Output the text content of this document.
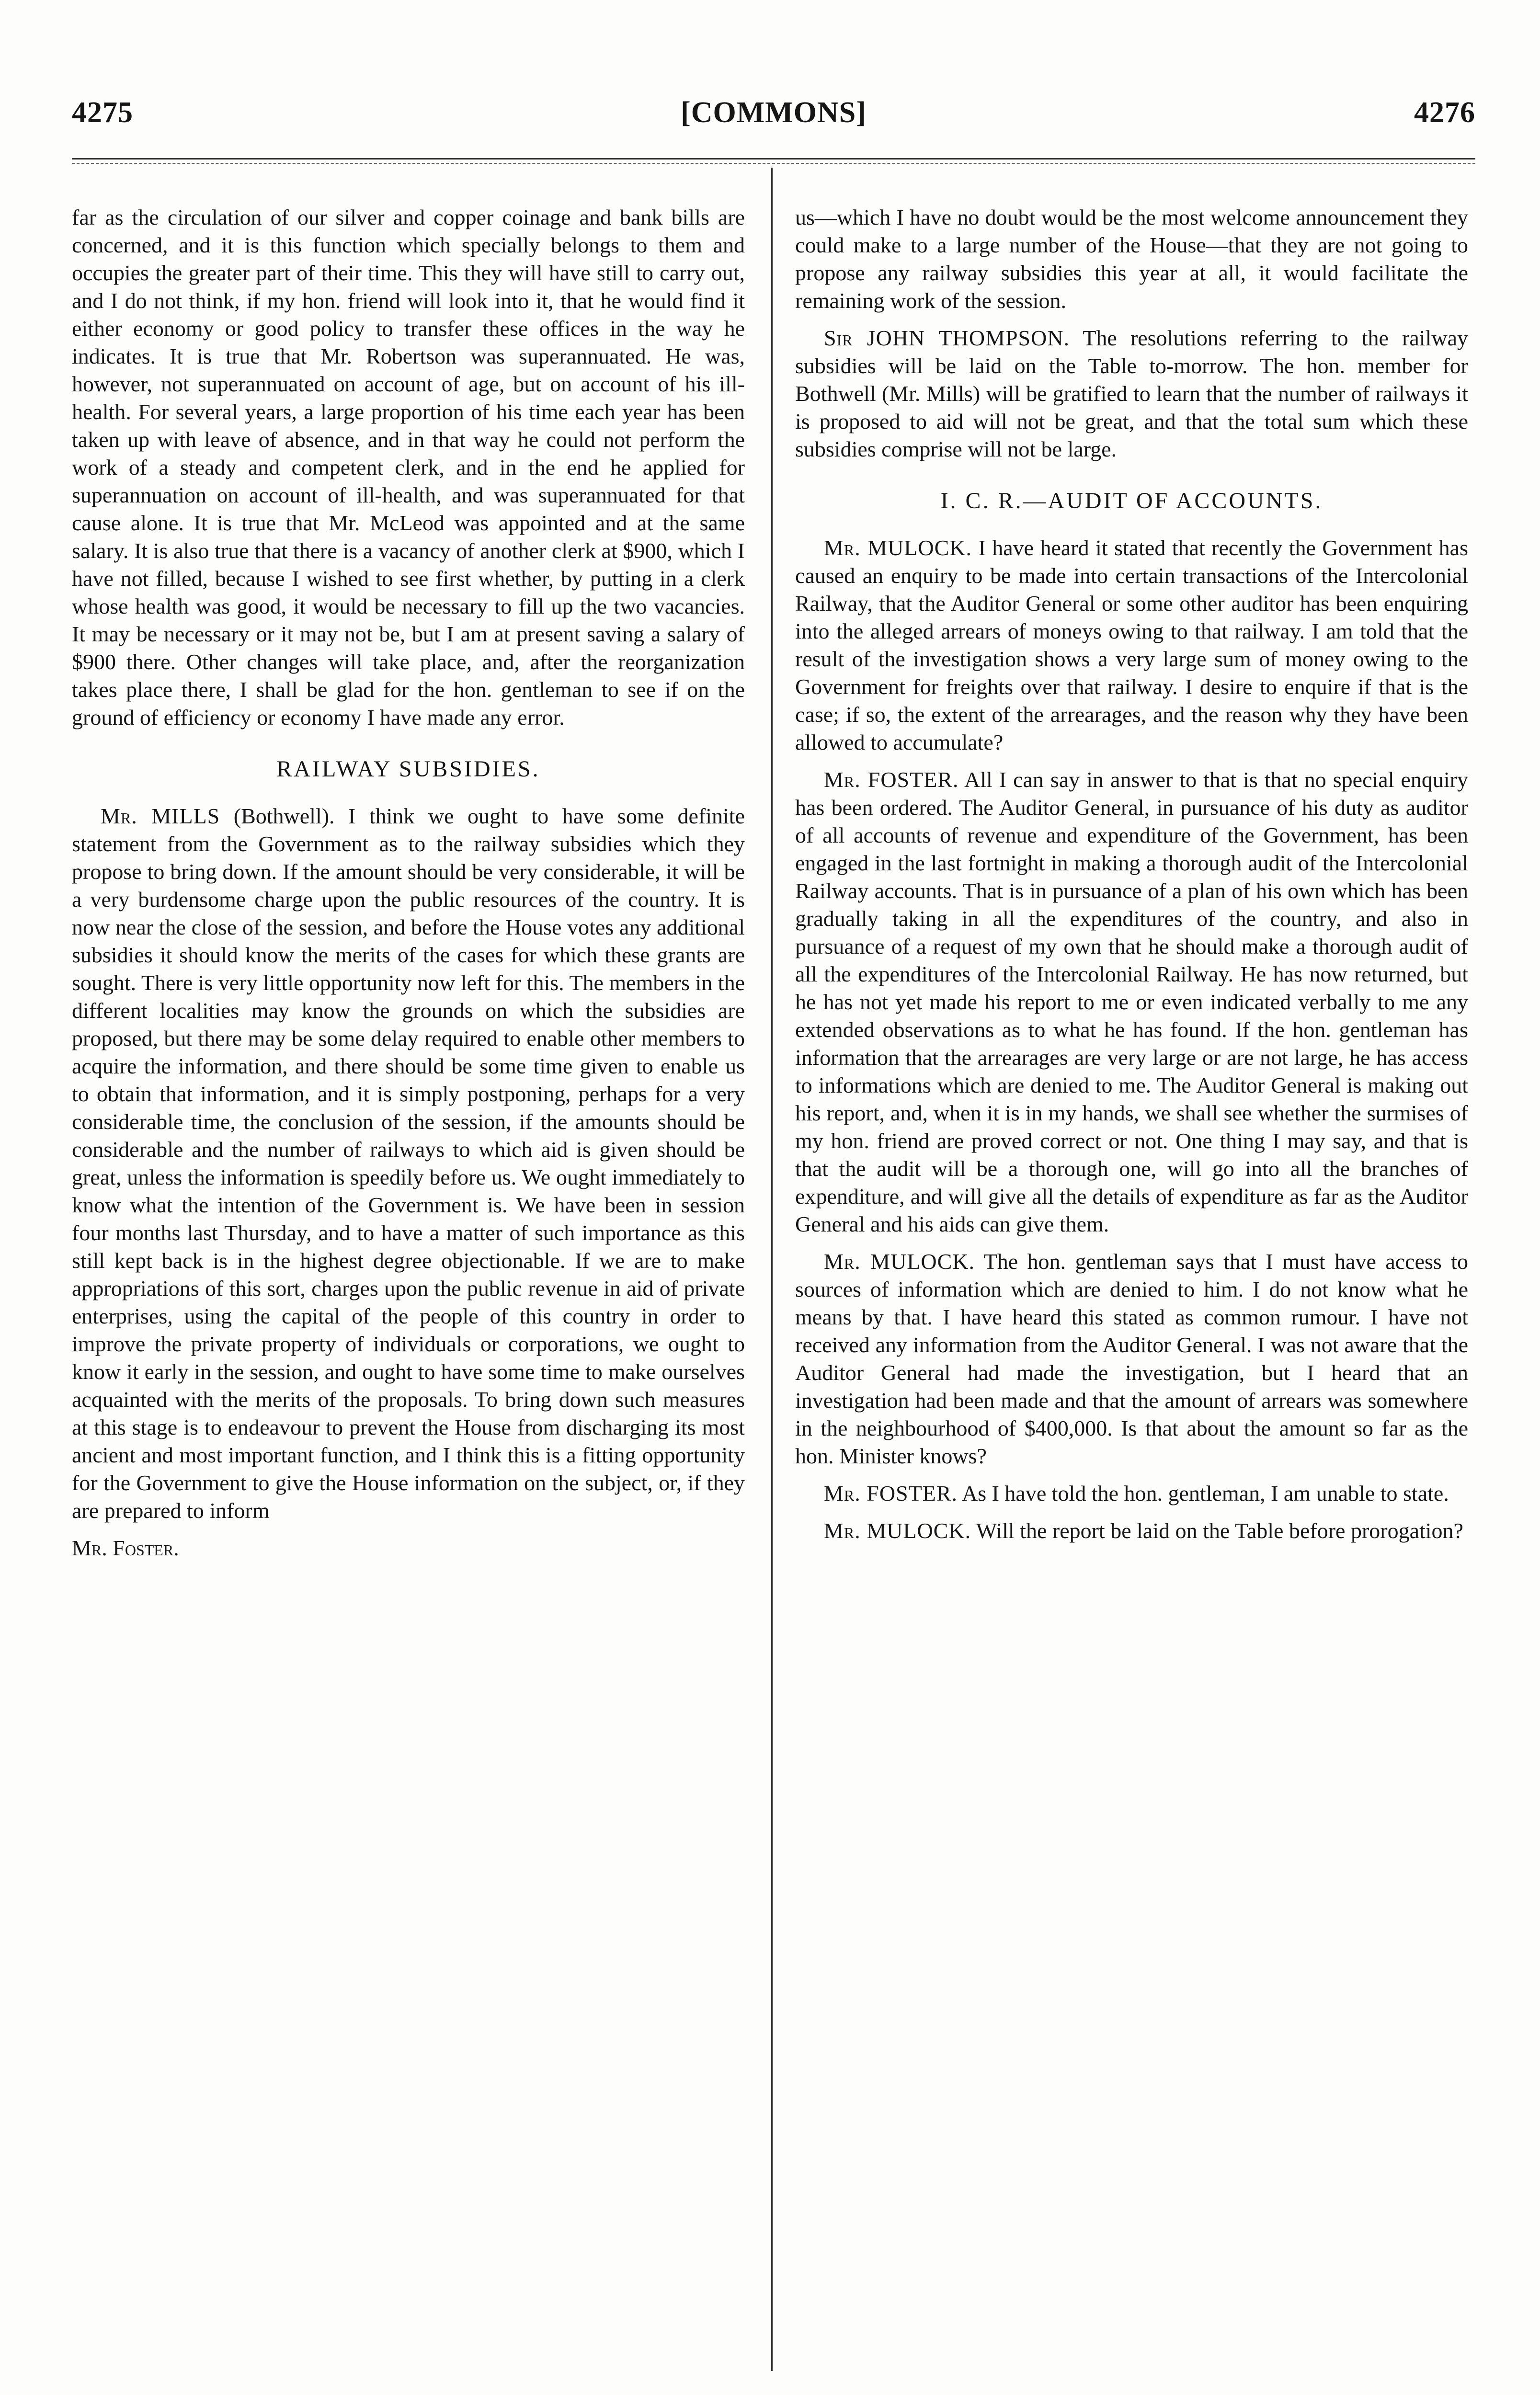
4275	[COMMONS]	4276

far as the circulation of our silver and copper coinage and bank bills are concerned, and it is this function which specially belongs to them and occupies the greater part of their time. This they will have still to carry out, and I do not think, if my hon. friend will look into it, that he would find it either economy or good policy to transfer these offices in the way he indicates. It is true that Mr. Robertson was superannuated. He was, however, not superannuated on account of age, but on account of his ill-health. For several years, a large proportion of his time each year has been taken up with leave of absence, and in that way he could not perform the work of a steady and competent clerk, and in the end he applied for superannuation on account of ill-health, and was superannuated for that cause alone. It is true that Mr. McLeod was appointed and at the same salary. It is also true that there is a vacancy of another clerk at $900, which I have not filled, because I wished to see first whether, by putting in a clerk whose health was good, it would be necessary to fill up the two vacancies. It may be necessary or it may not be, but I am at present saving a salary of $900 there. Other changes will take place, and, after the reorganization takes place there, I shall be glad for the hon. gentleman to see if on the ground of efficiency or economy I have made any error.

RAILWAY SUBSIDIES.

Mr. MILLS (Bothwell). I think we ought to have some definite statement from the Government as to the railway subsidies which they propose to bring down. If the amount should be very considerable, it will be a very burdensome charge upon the public resources of the country. It is now near the close of the session, and before the House votes any additional subsidies it should know the merits of the cases for which these grants are sought. There is very little opportunity now left for this. The members in the different localities may know the grounds on which the subsidies are proposed, but there may be some delay required to enable other members to acquire the information, and there should be some time given to enable us to obtain that information, and it is simply postponing, perhaps for a very considerable time, the conclusion of the session, if the amounts should be considerable and the number of railways to which aid is given should be great, unless the information is speedily before us. We ought immediately to know what the intention of the Government is. We have been in session four months last Thursday, and to have a matter of such importance as this still kept back is in the highest degree objectionable. If we are to make appropriations of this sort, charges upon the public revenue in aid of private enterprises, using the capital of the people of this country in order to improve the private property of individuals or corporations, we ought to know it early in the session, and ought to have some time to make ourselves acquainted with the merits of the proposals. To bring down such measures at this stage is to endeavour to prevent the House from discharging its most ancient and most important function, and I think this is a fitting opportunity for the Government to give the House information on the subject, or, if they are prepared to inform

Mr. Foster.

us—which I have no doubt would be the most welcome announcement they could make to a large number of the House—that they are not going to propose any railway subsidies this year at all, it would facilitate the remaining work of the session.

Sir JOHN THOMPSON. The resolutions referring to the railway subsidies will be laid on the Table to-morrow. The hon. member for Bothwell (Mr. Mills) will be gratified to learn that the number of railways it is proposed to aid will not be great, and that the total sum which these subsidies comprise will not be large.

I. C. R.—AUDIT OF ACCOUNTS.

Mr. MULOCK. I have heard it stated that recently the Government has caused an enquiry to be made into certain transactions of the Intercolonial Railway, that the Auditor General or some other auditor has been enquiring into the alleged arrears of moneys owing to that railway. I am told that the result of the investigation shows a very large sum of money owing to the Government for freights over that railway. I desire to enquire if that is the case; if so, the extent of the arrearages, and the reason why they have been allowed to accumulate?

Mr. FOSTER. All I can say in answer to that is that no special enquiry has been ordered. The Auditor General, in pursuance of his duty as auditor of all accounts of revenue and expenditure of the Government, has been engaged in the last fortnight in making a thorough audit of the Intercolonial Railway accounts. That is in pursuance of a plan of his own which has been gradually taking in all the expenditures of the country, and also in pursuance of a request of my own that he should make a thorough audit of all the expenditures of the Intercolonial Railway. He has now returned, but he has not yet made his report to me or even indicated verbally to me any extended observations as to what he has found. If the hon. gentleman has information that the arrearages are very large or are not large, he has access to informations which are denied to me. The Auditor General is making out his report, and, when it is in my hands, we shall see whether the surmises of my hon. friend are proved correct or not. One thing I may say, and that is that the audit will be a thorough one, will go into all the branches of expenditure, and will give all the details of expenditure as far as the Auditor General and his aids can give them.

Mr. MULOCK. The hon. gentleman says that I must have access to sources of information which are denied to him. I do not know what he means by that. I have heard this stated as common rumour. I have not received any information from the Auditor General. I was not aware that the Auditor General had made the investigation, but I heard that an investigation had been made and that the amount of arrears was somewhere in the neighbourhood of $400,000. Is that about the amount so far as the hon. Minister knows?

Mr. FOSTER. As I have told the hon. gentleman, I am unable to state.

Mr. MULOCK. Will the report be laid on the Table before prorogation?
